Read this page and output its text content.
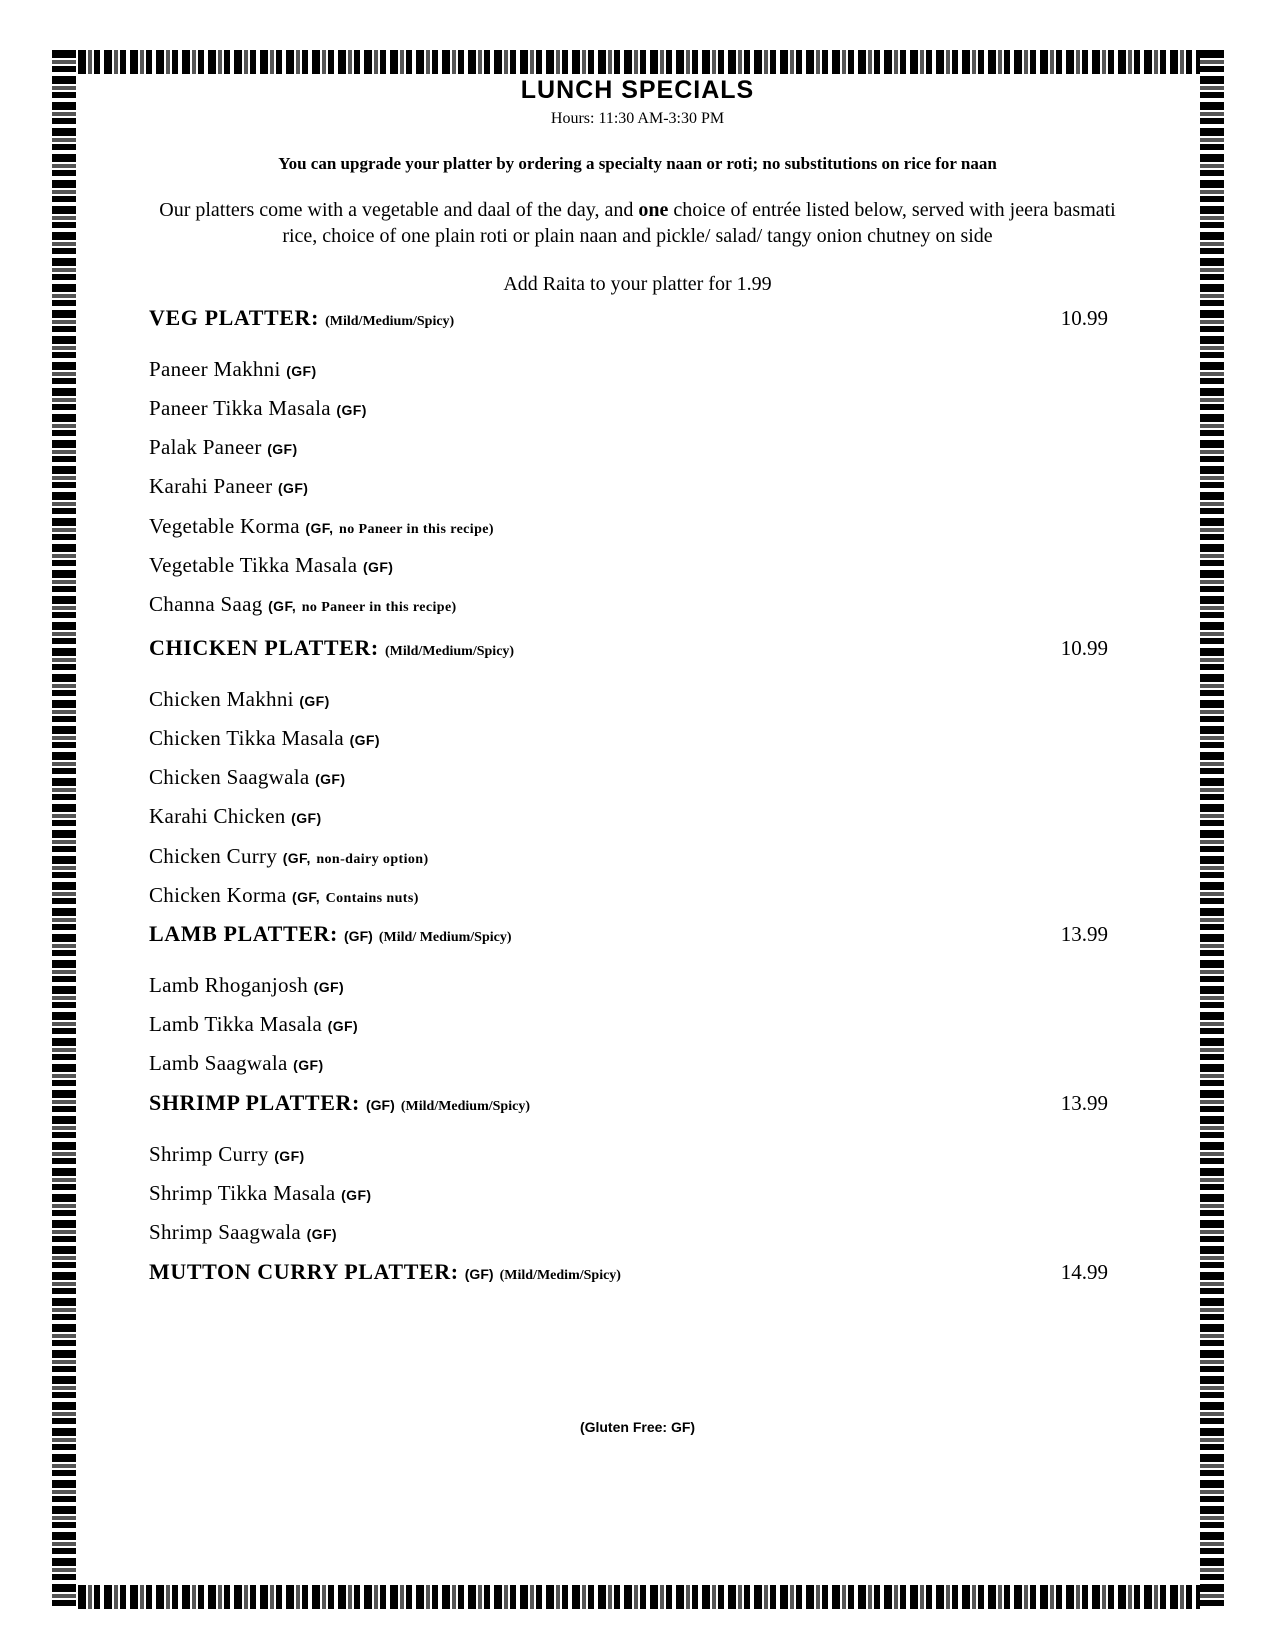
LUNCH SPECIALS
Hours: 11:30 AM-3:30 PM
You can upgrade your platter by ordering a specialty naan or roti; no substitutions on rice for naan
Our platters come with a vegetable and daal of the day, and one choice of entrée listed below, served with jeera basmati rice, choice of one plain roti or plain naan and pickle/ salad/ tangy onion chutney on side
Add Raita to your platter for 1.99
VEG PLATTER: (Mild/Medium/Spicy)	10.99
Paneer Makhni (GF)
Paneer Tikka Masala (GF)
Palak Paneer (GF)
Karahi Paneer (GF)
Vegetable Korma (GF, no Paneer in this recipe)
Vegetable Tikka Masala (GF)
Channa Saag (GF, no Paneer in this recipe)
CHICKEN PLATTER: (Mild/Medium/Spicy)	10.99
Chicken Makhni (GF)
Chicken Tikka Masala (GF)
Chicken Saagwala (GF)
Karahi Chicken (GF)
Chicken Curry (GF, non-dairy option)
Chicken Korma (GF, Contains nuts)
LAMB PLATTER: (GF) (Mild/ Medium/Spicy)	13.99
Lamb Rhoganjosh (GF)
Lamb Tikka Masala (GF)
Lamb Saagwala (GF)
SHRIMP PLATTER: (GF) (Mild/Medium/Spicy)	13.99
Shrimp Curry (GF)
Shrimp Tikka Masala (GF)
Shrimp Saagwala (GF)
MUTTON CURRY PLATTER: (GF) (Mild/Medim/Spicy)	14.99
(Gluten Free: GF)
